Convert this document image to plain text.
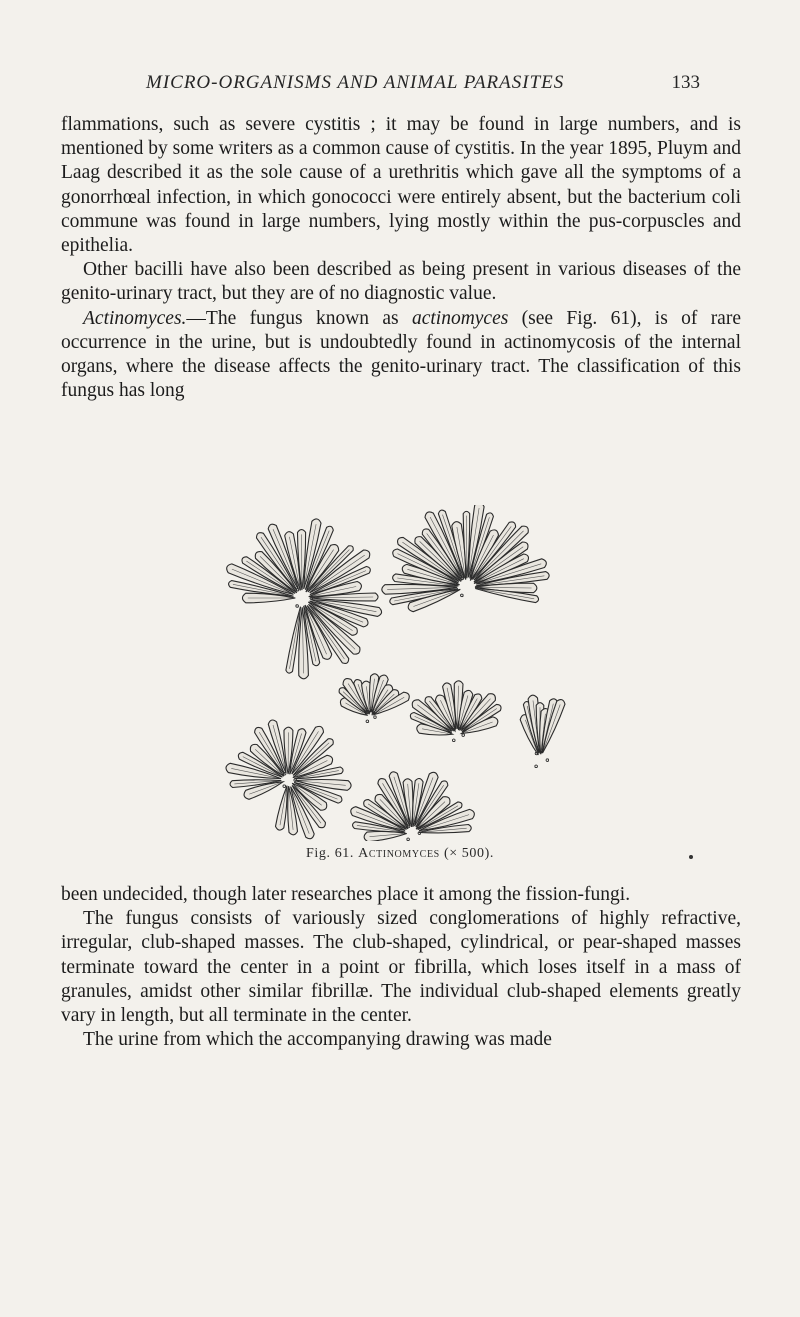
MICRO-ORGANISMS AND ANIMAL PARASITES	133

flammations, such as severe cystitis ; it may be found in large numbers, and is mentioned by some writers as a common cause of cystitis. In the year 1895, Pluym and Laag described it as the sole cause of a urethritis which gave all the symptoms of a gonorrhœal infection, in which gonococci were entirely absent, but the bacterium coli commune was found in large numbers, lying mostly within the pus-corpuscles and epithelia.

Other bacilli have also been described as being present in various diseases of the genito-urinary tract, but they are of no diagnostic value.

Actinomyces.—The fungus known as actinomyces (see Fig. 61), is of rare occurrence in the urine, but is undoubtedly found in actinomycosis of the internal organs, where the disease affects the genito-urinary tract. The classification of this fungus has long

Fig. 61. Actinomyces (× 500).

been undecided, though later researches place it among the fission-fungi.

The fungus consists of variously sized conglomerations of highly refractive, irregular, club-shaped masses. The club-shaped, cylindrical, or pear-shaped masses terminate toward the center in a point or fibrilla, which loses itself in a mass of granules, amidst other similar fibrillæ. The individual club-shaped elements greatly vary in length, but all terminate in the center.

The urine from which the accompanying drawing was made
